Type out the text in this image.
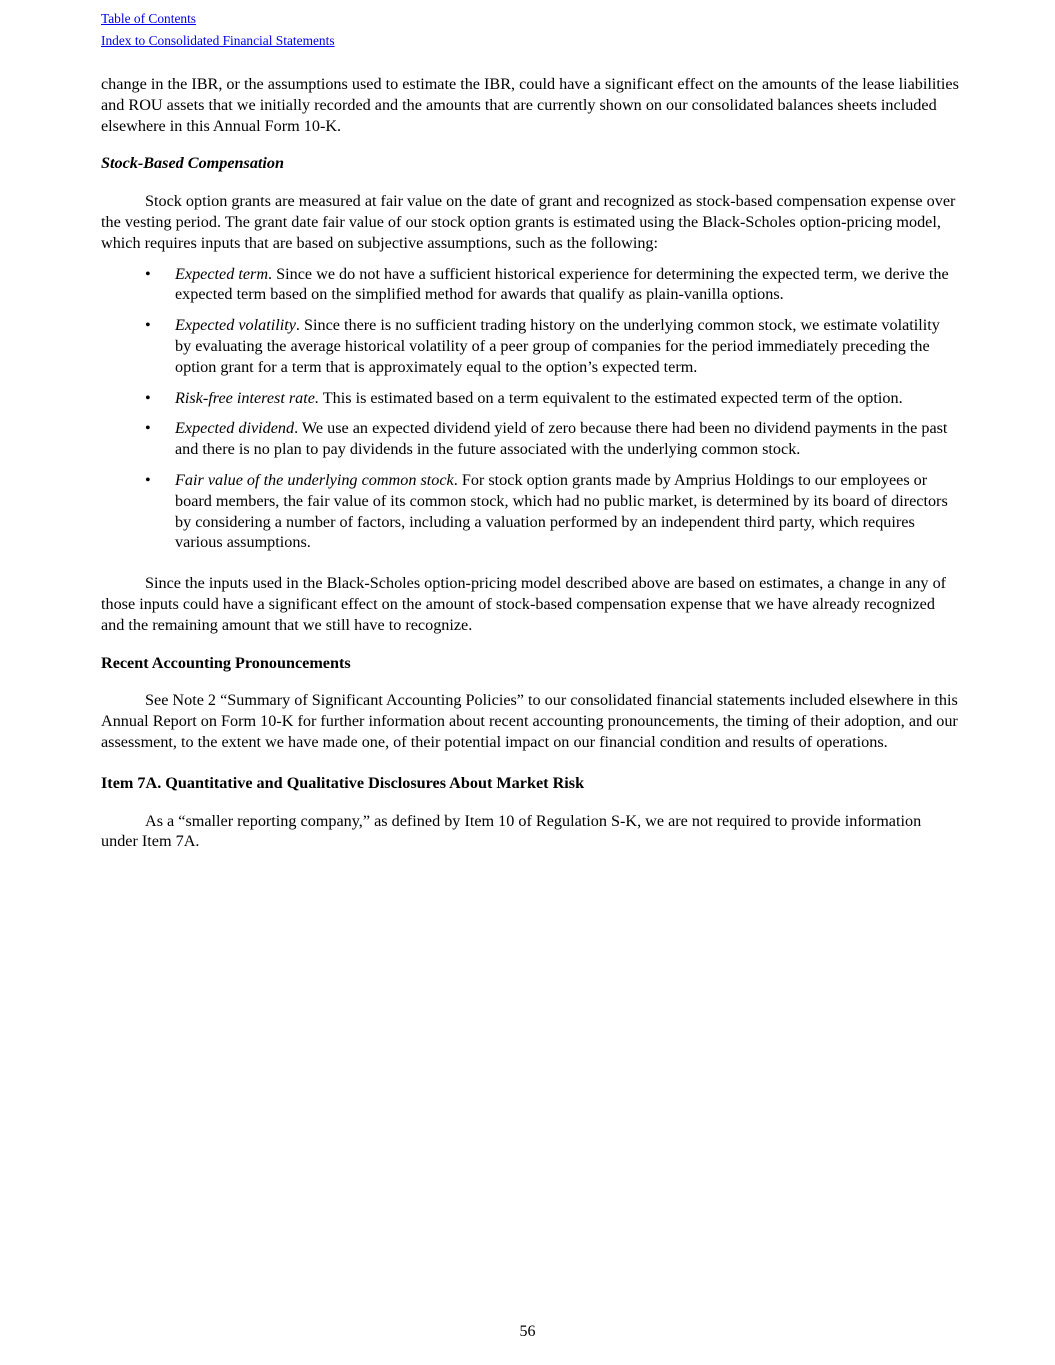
Table of Contents
Index to Consolidated Financial Statements

change in the IBR, or the assumptions used to estimate the IBR, could have a significant effect on the amounts of the lease liabilities and ROU assets that we initially recorded and the amounts that are currently shown on our consolidated balances sheets included elsewhere in this Annual Form 10-K.

Stock-Based Compensation

Stock option grants are measured at fair value on the date of grant and recognized as stock-based compensation expense over the vesting period. The grant date fair value of our stock option grants is estimated using the Black-Scholes option-pricing model, which requires inputs that are based on subjective assumptions, such as the following:

• Expected term. Since we do not have a sufficient historical experience for determining the expected term, we derive the expected term based on the simplified method for awards that qualify as plain-vanilla options.
• Expected volatility. Since there is no sufficient trading history on the underlying common stock, we estimate volatility by evaluating the average historical volatility of a peer group of companies for the period immediately preceding the option grant for a term that is approximately equal to the option’s expected term.
• Risk-free interest rate. This is estimated based on a term equivalent to the estimated expected term of the option.
• Expected dividend. We use an expected dividend yield of zero because there had been no dividend payments in the past and there is no plan to pay dividends in the future associated with the underlying common stock.
• Fair value of the underlying common stock. For stock option grants made by Amprius Holdings to our employees or board members, the fair value of its common stock, which had no public market, is determined by its board of directors by considering a number of factors, including a valuation performed by an independent third party, which requires various assumptions.

Since the inputs used in the Black-Scholes option-pricing model described above are based on estimates, a change in any of those inputs could have a significant effect on the amount of stock-based compensation expense that we have already recognized and the remaining amount that we still have to recognize.

Recent Accounting Pronouncements

See Note 2 “Summary of Significant Accounting Policies” to our consolidated financial statements included elsewhere in this Annual Report on Form 10-K for further information about recent accounting pronouncements, the timing of their adoption, and our assessment, to the extent we have made one, of their potential impact on our financial condition and results of operations.

Item 7A. Quantitative and Qualitative Disclosures About Market Risk

As a “smaller reporting company,” as defined by Item 10 of Regulation S-K, we are not required to provide information under Item 7A.

56
